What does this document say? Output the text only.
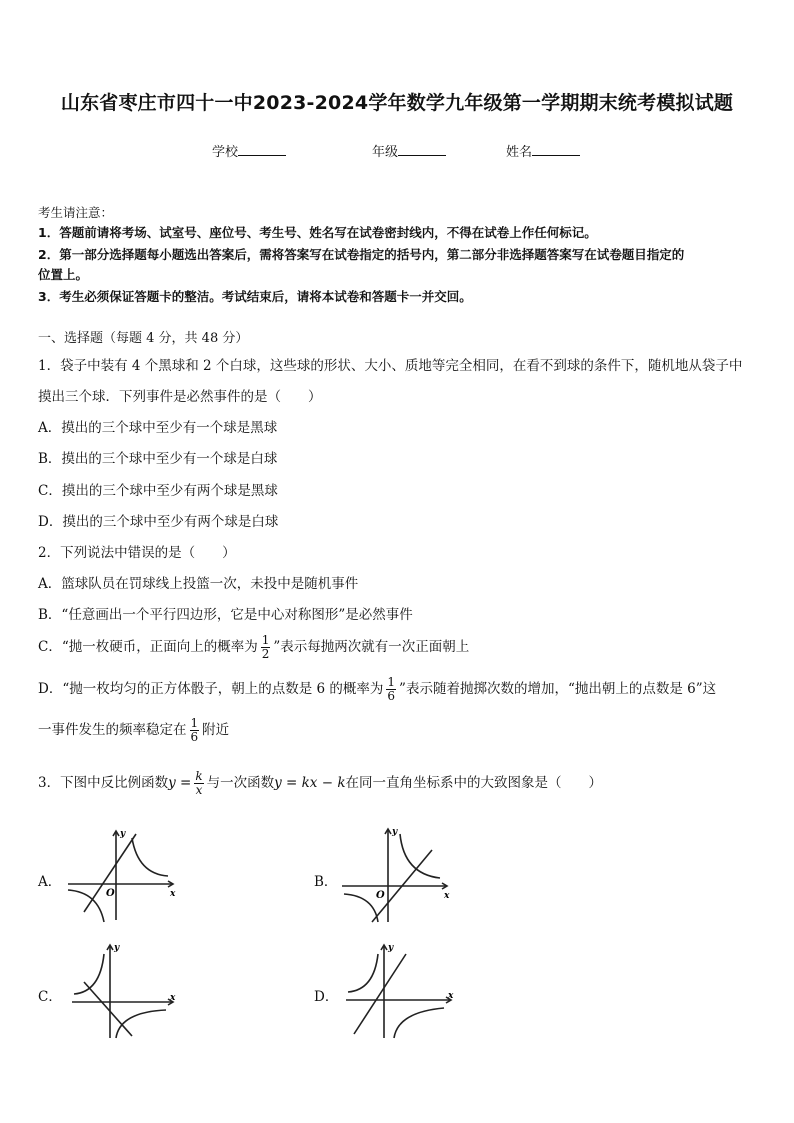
山东省枣庄市四十一中2023-2024学年数学九年级第一学期期末统考模拟试题
学校	年级	姓名
考生请注意：
1．答题前请将考场、试室号、座位号、考生号、姓名写在试卷密封线内，不得在试卷上作任何标记。
2．第一部分选择题每小题选出答案后，需将答案写在试卷指定的括号内，第二部分非选择题答案写在试卷题目指定的
位置上。
3．考生必须保证答题卡的整洁。考试结束后，请将本试卷和答题卡一并交回。
一、选择题（每题 4 分，共 48 分）
1．袋子中装有 4 个黑球和 2 个白球，这些球的形状、大小、质地等完全相同，在看不到球的条件下，随机地从袋子中
摸出三个球．下列事件是必然事件的是（　　）
A．摸出的三个球中至少有一个球是黑球
B．摸出的三个球中至少有一个球是白球
C．摸出的三个球中至少有两个球是黑球
D．摸出的三个球中至少有两个球是白球
2．下列说法中错误的是（　　）
A．篮球队员在罚球线上投篮一次，未投中是随机事件
B．“任意画出一个平行四边形，它是中心对称图形”是必然事件
C．“抛一枚硬币，正面向上的概率为 $\frac{1}{2}$ ”表示每抛两次就有一次正面朝上
D．“抛一枚均匀的正方体骰子，朝上的点数是 6 的概率为 $\frac{1}{6}$ ”表示随着抛掷次数的增加，“抛出朝上的点数是 6”这
一事件发生的频率稳定在 $\frac{1}{6}$ 附近
3．下图中反比例函数$y = \frac{k}{x}$ 与一次函数y = kx − k在同一直角坐标系中的大致图象是（　　）
A．	B．
C．	D．
O	x
y
O	x
y
x
y
x
y
